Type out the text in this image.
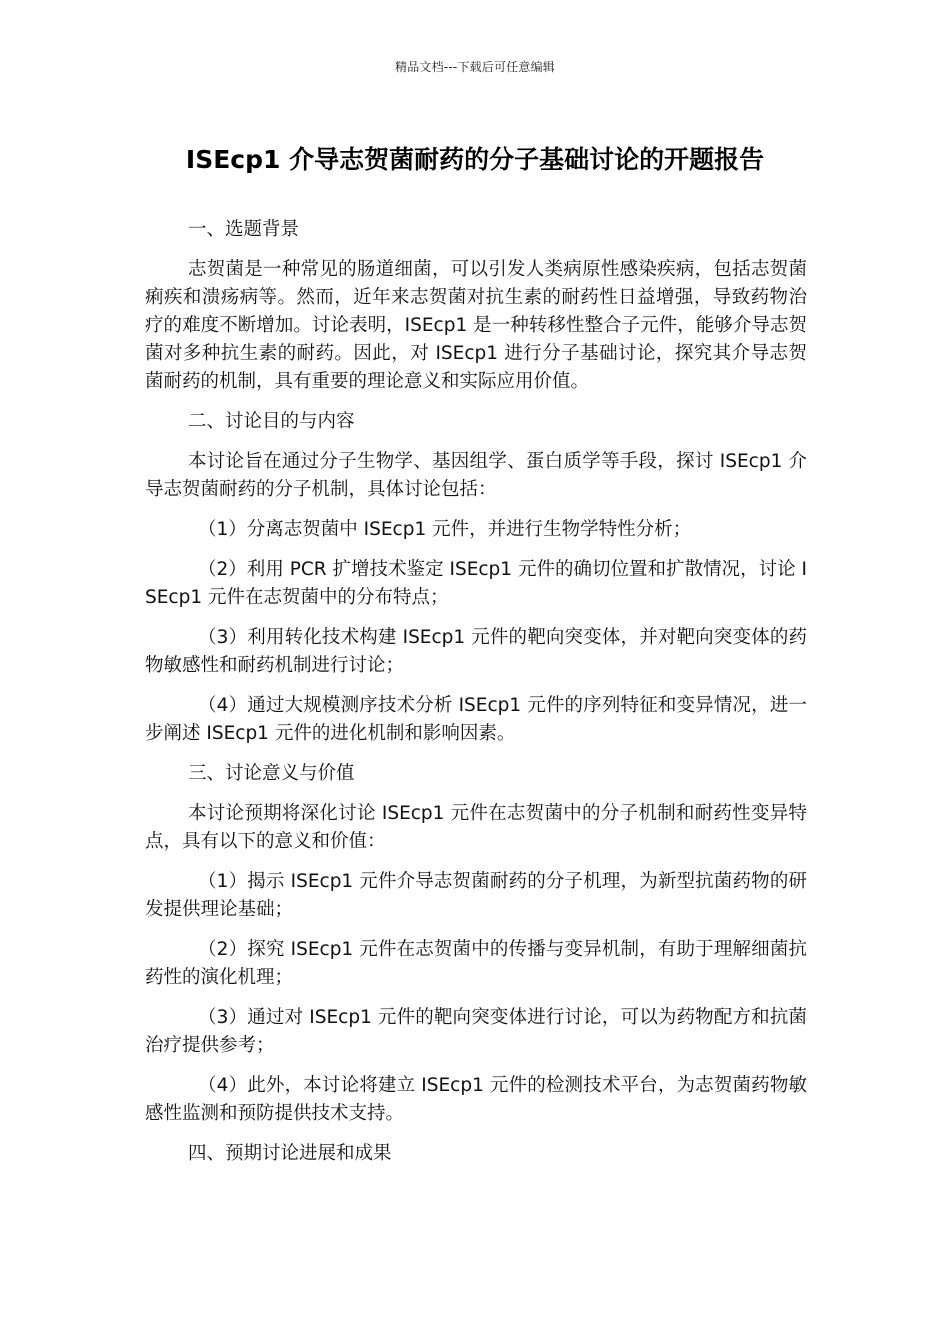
精品文档---下载后可任意编辑
ISEcp1 介导志贺菌耐药的分子基础讨论的开题报告

一、选题背景

志贺菌是一种常见的肠道细菌，可以引发人类病原性感染疾病，包括志贺菌痢疾和溃疡病等。然而，近年来志贺菌对抗生素的耐药性日益增强，导致药物治疗的难度不断增加。讨论表明，ISEcp1 是一种转移性整合子元件，能够介导志贺菌对多种抗生素的耐药。因此，对 ISEcp1 进行分子基础讨论，探究其介导志贺菌耐药的机制，具有重要的理论意义和实际应用价值。

二、讨论目的与内容

本讨论旨在通过分子生物学、基因组学、蛋白质学等手段，探讨 ISEcp1 介导志贺菌耐药的分子机制，具体讨论包括：

（1）分离志贺菌中 ISEcp1 元件，并进行生物学特性分析；

（2）利用 PCR 扩增技术鉴定 ISEcp1 元件的确切位置和扩散情况，讨论 ISEcp1 元件在志贺菌中的分布特点；

（3）利用转化技术构建 ISEcp1 元件的靶向突变体，并对靶向突变体的药物敏感性和耐药机制进行讨论；

（4）通过大规模测序技术分析 ISEcp1 元件的序列特征和变异情况，进一步阐述 ISEcp1 元件的进化机制和影响因素。

三、讨论意义与价值

本讨论预期将深化讨论 ISEcp1 元件在志贺菌中的分子机制和耐药性变异特点，具有以下的意义和价值：

（1）揭示 ISEcp1 元件介导志贺菌耐药的分子机理，为新型抗菌药物的研发提供理论基础；

（2）探究 ISEcp1 元件在志贺菌中的传播与变异机制，有助于理解细菌抗药性的演化机理；

（3）通过对 ISEcp1 元件的靶向突变体进行讨论，可以为药物配方和抗菌治疗提供参考；

（4）此外，本讨论将建立 ISEcp1 元件的检测技术平台，为志贺菌药物敏感性监测和预防提供技术支持。

四、预期讨论进展和成果
